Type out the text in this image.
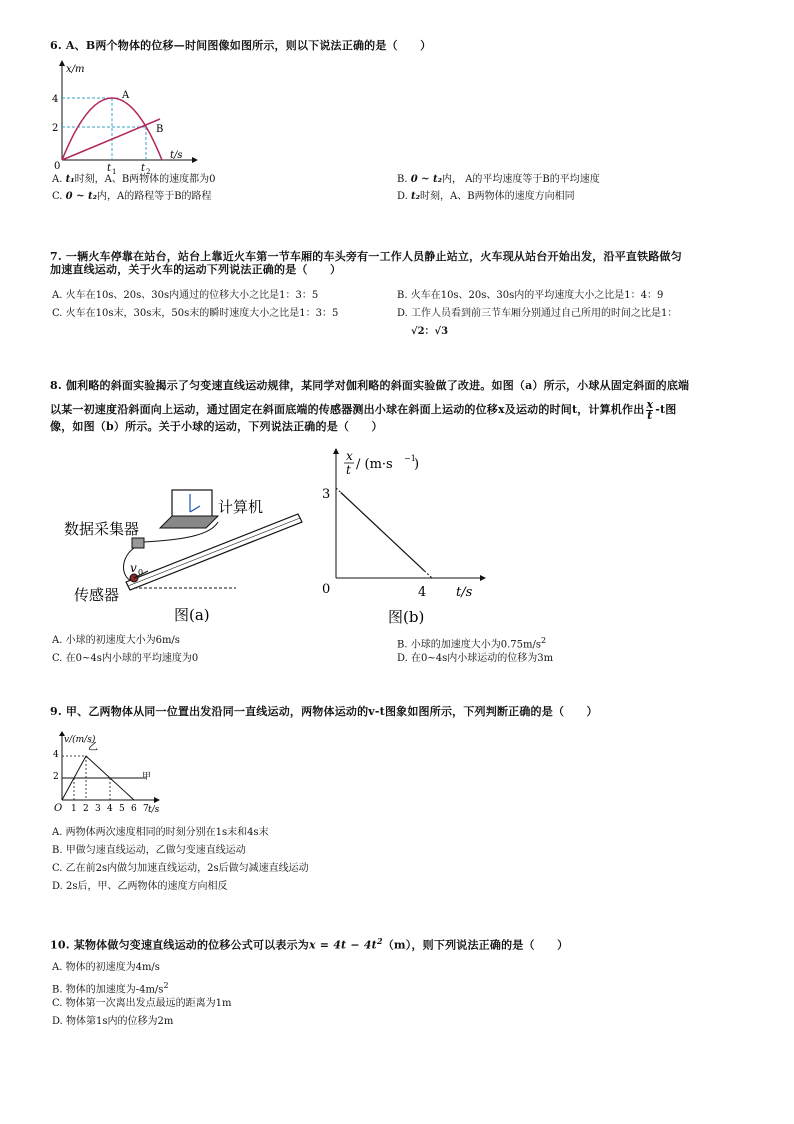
6. A、B两个物体的位移—时间图像如图所示，则以下说法正确的是（　　）
x/m
t/s
0
4
2
t 1 t 2
A
B
A. t₁时刻，A、B两物体的速度都为0	B. 0 ~ t₂内， A的平均速度等于B的平均速度
C. 0 ~ t₂内，A的路程等于B的路程	D. t₂时刻，A、B两物体的速度方向相同
7. 一辆火车停靠在站台，站台上靠近火车第一节车厢的车头旁有一工作人员静止站立，火车现从站台开始出发，沿平直铁路做匀
加速直线运动，关于火车的运动下列说法正确的是（　　）
A. 火车在10s、20s、30s内通过的位移大小之比是1：3：5	B. 火车在10s、20s、30s内的平均速度大小之比是1：4：9
C. 火车在10s末，30s末，50s末的瞬时速度大小之比是1：3：5	D. 工作人员看到前三节车厢分别通过自己所用的时间之比是1：
√2：√3
8. 伽利略的斜面实验揭示了匀变速直线运动规律，某同学对伽利略的斜面实验做了改进。如图（a）所示，小球从固定斜面的底端
以某一初速度沿斜面向上运动，通过固定在斜面底端的传感器测出小球在斜面上运动的位移x及运动的时间t，计算机作出 $\frac{x}{t} -t$图
像，如图（b）所示。关于小球的运动，下列说法正确的是（　　）
计算机
数据采集器
v 0
传感器
图(a)
x
t / (m·s −1
)
3
0	4 t/s
图(b)
A. 小球的初速度大小为6m/s	B. 小球的加速度大小为$0.75m/s^2$
C. 在0~4s内小球的平均速度为0	D. 在0~4s内小球运动的位移为3m
9. 甲、乙两物体从同一位置出发沿同一直线运动，两物体运动的v-t图象如图所示，下列判断正确的是（　　）
v/(m/s)
t/s
O
4
2
1 2 3 4 5 6 7
乙
甲
A. 两物体两次速度相同的时刻分别在1s末和4s末
B. 甲做匀速直线运动，乙做匀变速直线运动
C. 乙在前2s内做匀加速直线运动，2s后做匀减速直线运动
D. 2s后，甲、乙两物体的速度方向相反
10. 某物体做匀变速直线运动的位移公式可以表示为$x = 4t - 4t^2(m)$，则下列说法正确的是（　　）
A. 物体的初速度为4m/s
B. 物体的加速度为$-4m/s^2$
C. 物体第一次离出发点最远的距离为1m
D. 物体第1s内的位移为2m
